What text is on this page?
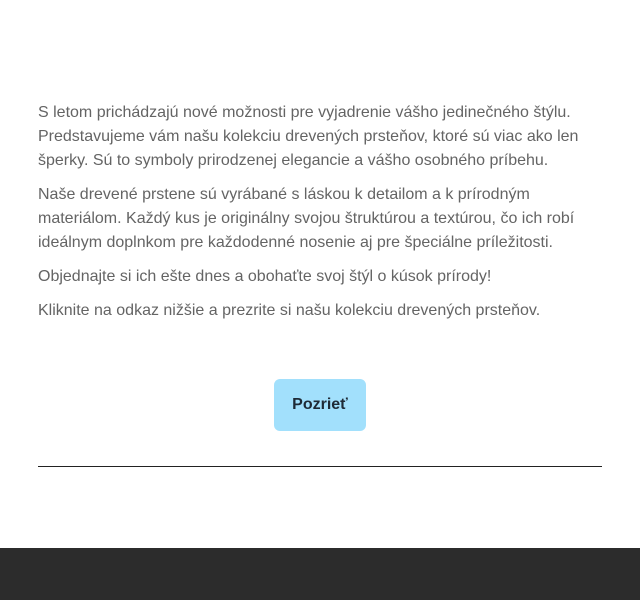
S letom prichádzajú nové možnosti pre vyjadrenie vášho jedinečného štýlu. Predstavujeme vám našu kolekciu drevených prsteňov, ktoré sú viac ako len šperky. Sú to symboly prirodzenej elegancie a vášho osobného príbehu.

Naše drevené prstene sú vyrábané s láskou k detailom a k prírodným materiálom. Každý kus je originálny svojou štruktúrou a textúrou, čo ich robí ideálnym doplnkom pre každodenné nosenie aj pre špeciálne príležitosti.

Objednajte si ich ešte dnes a obohaťte svoj štýl o kúsok prírody!

Kliknite na odkaz nižšie a prezrite si našu kolekciu drevených prsteňov.

Pozrieť
